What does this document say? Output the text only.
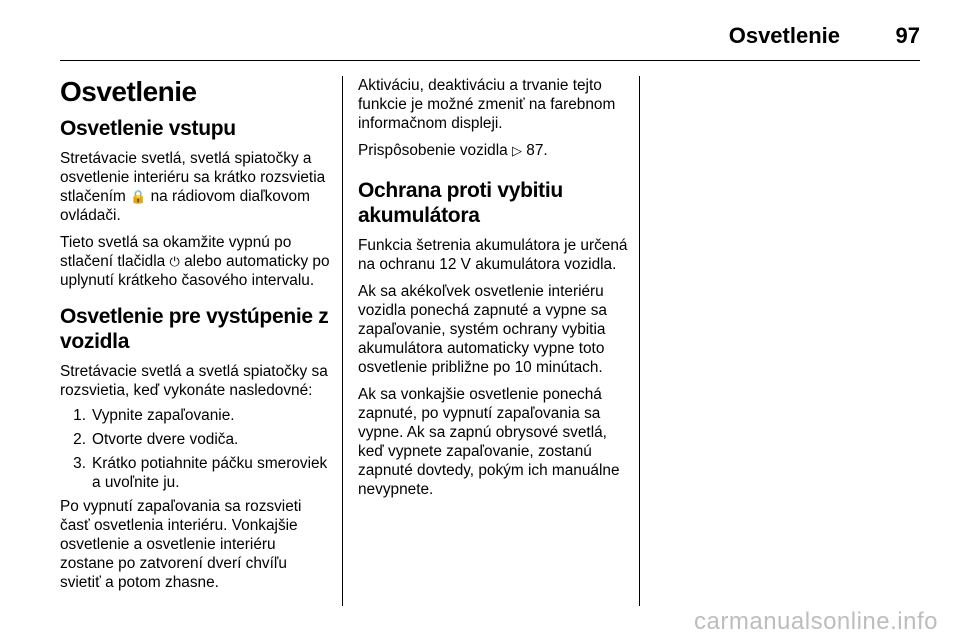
Osvetlenie	97
Osvetlenie
Osvetlenie vstupu

Stretávacie svetlá, svetlá spiatočky a osvetlenie interiéru sa krátko rozsvietia stlačením 🔒 na rádiovom diaľkovom ovládači.

Tieto svetlá sa okamžite vypnú po stlačení tlačidla ⏻ alebo automaticky po uplynutí krátkeho časového intervalu.

Osvetlenie pre vystúpenie z vozidla

Stretávacie svetlá a svetlá spiatočky sa rozsvietia, keď vykonáte nasledovné:

1. Vypnite zapaľovanie.
2. Otvorte dvere vodiča.
3. Krátko potiahnite páčku smeroviek a uvoľnite ju.

Po vypnutí zapaľovania sa rozsvieti časť osvetlenia interiéru. Vonkajšie osvetlenie a osvetlenie interiéru zostane po zatvorení dverí chvíľu svietiť a potom zhasne.

Aktiváciu, deaktiváciu a trvanie tejto funkcie je možné zmeniť na farebnom informačnom displeji.

Prispôsobenie vozidla ▷ 87.

Ochrana proti vybitiu akumulátora

Funkcia šetrenia akumulátora je určená na ochranu 12 V akumulátora vozidla.

Ak sa akékoľvek osvetlenie interiéru vozidla ponechá zapnuté a vypne sa zapaľovanie, systém ochrany vybitia akumulátora automaticky vypne toto osvetlenie približne po 10 minútach.

Ak sa vonkajšie osvetlenie ponechá zapnuté, po vypnutí zapaľovania sa vypne. Ak sa zapnú obrysové svetlá, keď vypnete zapaľovanie, zostanú zapnuté dovtedy, pokým ich manuálne nevypnete.

carmanualsonline.info
